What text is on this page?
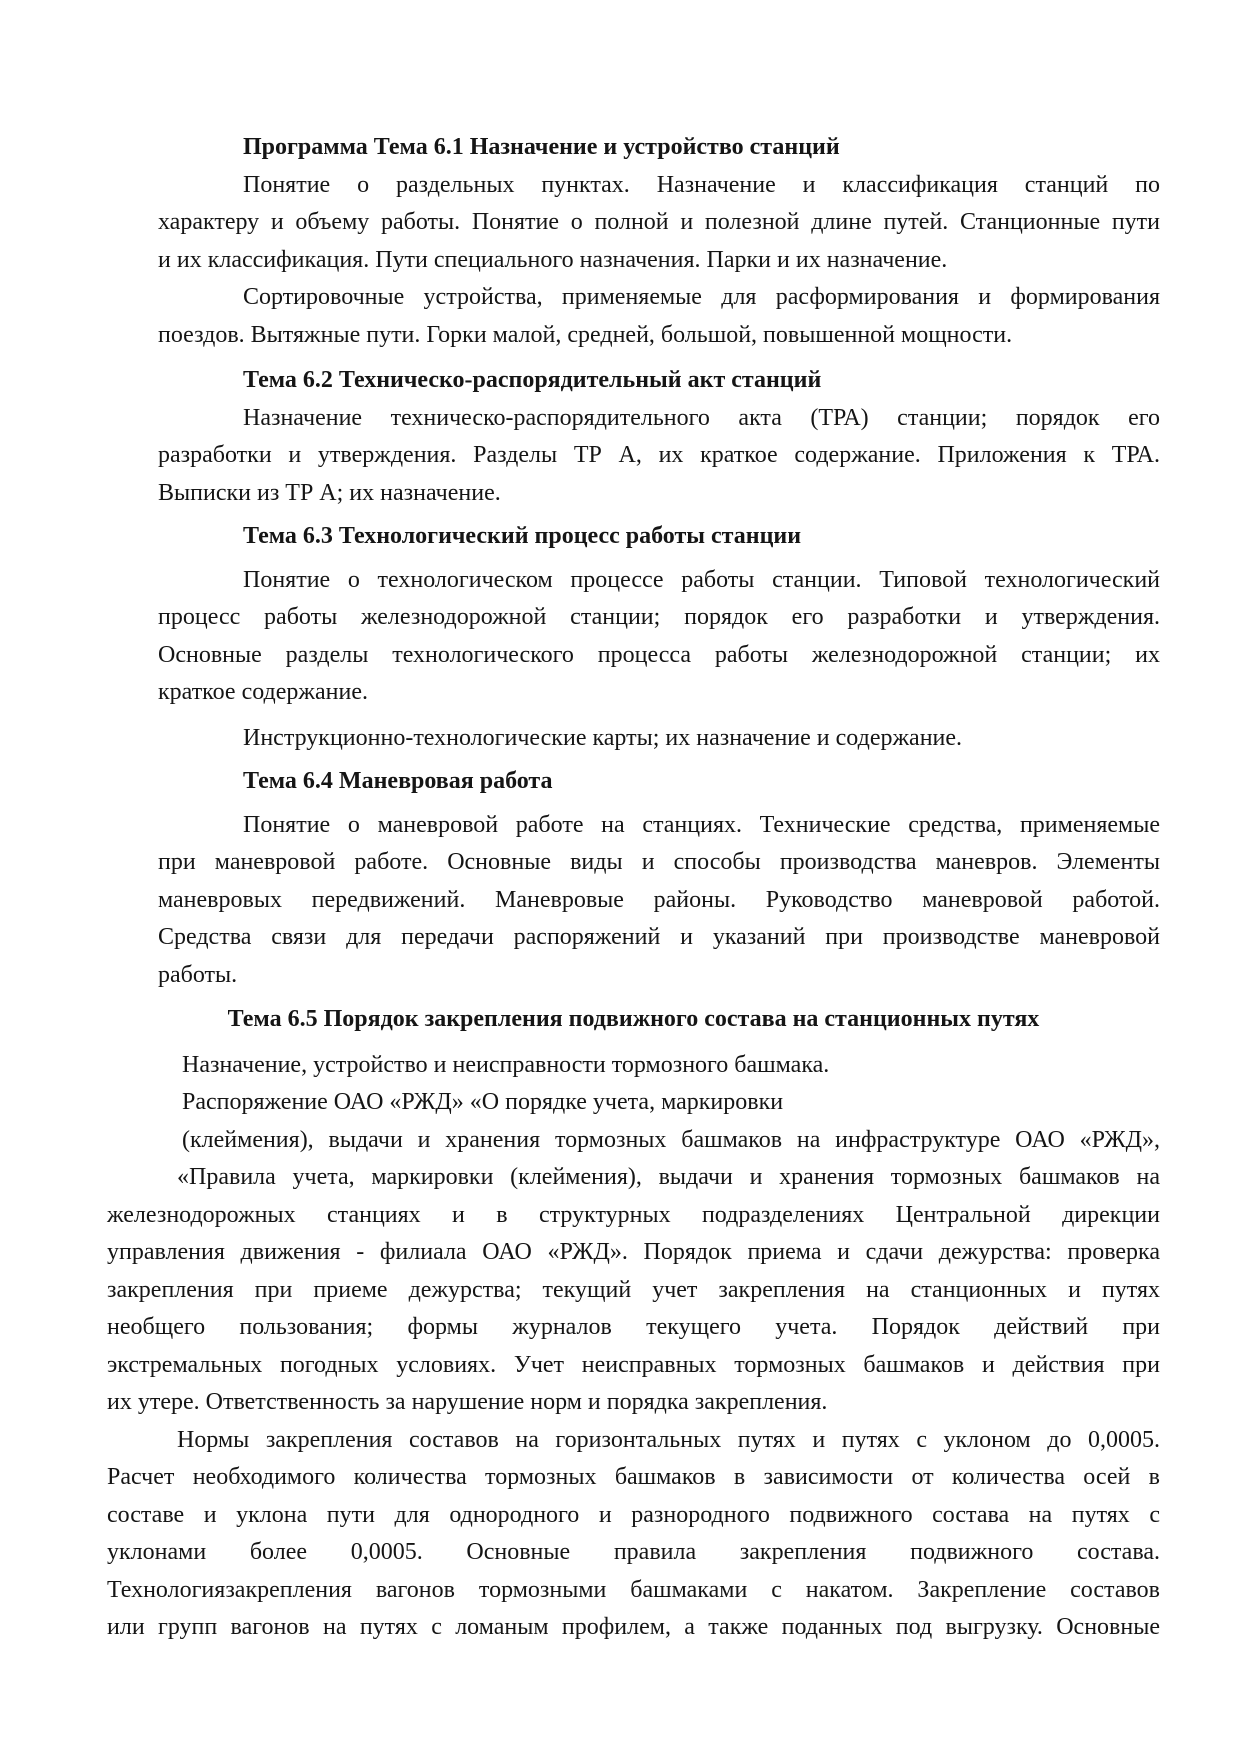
Программа Тема 6.1 Назначение и устройство станций
Понятие о раздельных пунктах. Назначение и классификация станций по
характеру и объему работы. Понятие о полной и полезной длине путей. Станционные пути
и их классификация. Пути специального назначения. Парки и их назначение.
Сортировочные устройства, применяемые для расформирования и формирования
поездов. Вытяжные пути. Горки малой, средней, большой, повышенной мощности.
Тема 6.2 Техническо-распорядительный акт станций
Назначение техническо-распорядительного акта (ТРА) станции; порядок его
разработки и утверждения. Разделы ТР А, их краткое содержание. Приложения к ТРА.
Выписки из ТР А; их назначение.
Тема 6.3 Технологический процесс работы станции
Понятие о технологическом процессе работы станции. Типовой технологический
процесс работы железнодорожной станции; порядок его разработки и утверждения.
Основные разделы технологического процесса работы железнодорожной станции; их
краткое содержание.
Инструкционно-технологические карты; их назначение и содержание.
Тема 6.4 Маневровая работа
Понятие о маневровой работе на станциях. Технические средства, применяемые
при маневровой работе. Основные виды и способы производства маневров. Элементы
маневровых передвижений. Маневровые районы. Руководство маневровой работой.
Средства связи для передачи распоряжений и указаний при производстве маневровой
работы.
Тема 6.5 Порядок закрепления подвижного состава на станционных путях
Назначение, устройство и неисправности тормозного башмака.
Распоряжение ОАО «РЖД» «О порядке учета, маркировки
(клеймения), выдачи и хранения тормозных башмаков на инфраструктуре ОАО «РЖД»,
«Правила учета, маркировки (клеймения), выдачи и хранения тормозных башмаков на
железнодорожных станциях и в структурных подразделениях Центральной дирекции
управления движения - филиала ОАО «РЖД». Порядок приема и сдачи дежурства: проверка
закрепления при приеме дежурства; текущий учет закрепления на станционных и путях
необщего пользования; формы журналов текущего учета. Порядок действий при
экстремальных погодных условиях. Учет неисправных тормозных башмаков и действия при
их утере. Ответственность за нарушение норм и порядка закрепления.
Нормы закрепления составов на горизонтальных путях и путях с уклоном до 0,0005.
Расчет необходимого количества тормозных башмаков в зависимости от количества осей в
составе и уклона пути для однородного и разнородного подвижного состава на путях с
уклонами более 0,0005. Основные правила закрепления подвижного состава.
Технологиязакрепления вагонов тормозными башмаками с накатом. Закрепление составов
или групп вагонов на путях с ломаным профилем, а также поданных под выгрузку. Основные
